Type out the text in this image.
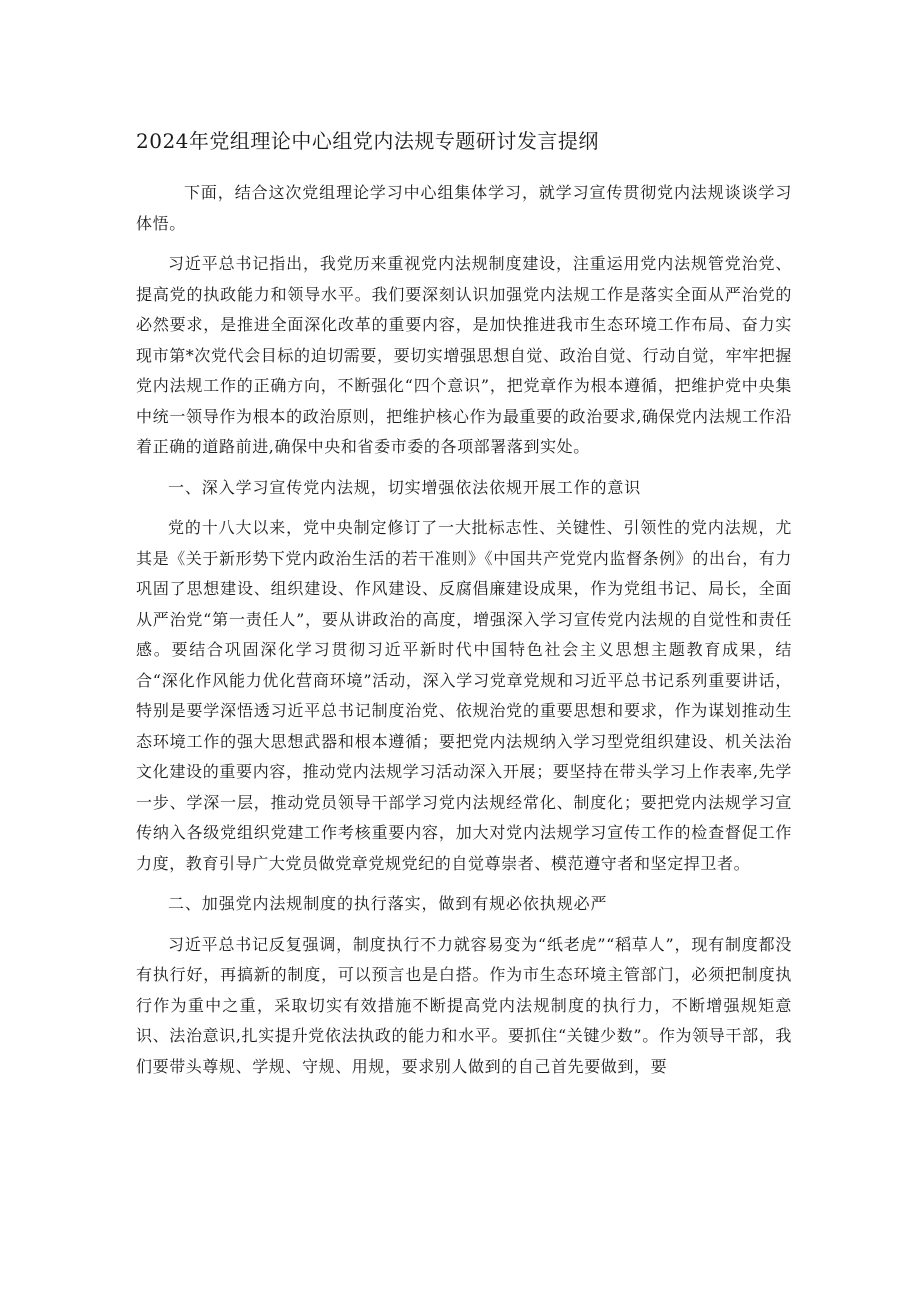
2024年党组理论中心组党内法规专题研讨发言提纲

下面，结合这次党组理论学习中心组集体学习，就学习宣传贯彻党内法规谈谈学习体悟。

习近平总书记指出，我党历来重视党内法规制度建设，注重运用党内法规管党治党、提高党的执政能力和领导水平。我们要深刻认识加强党内法规工作是落实全面从严治党的必然要求，是推进全面深化改革的重要内容，是加快推进我市生态环境工作布局、奋力实现市第*次党代会目标的迫切需要，要切实增强思想自觉、政治自觉、行动自觉，牢牢把握党内法规工作的正确方向，不断强化“四个意识”，把党章作为根本遵循，把维护党中央集中统一领导作为根本的政治原则，把维护核心作为最重要的政治要求,确保党内法规工作沿着正确的道路前进,确保中央和省委市委的各项部署落到实处。

一、深入学习宣传党内法规，切实增强依法依规开展工作的意识

党的十八大以来，党中央制定修订了一大批标志性、关键性、引领性的党内法规，尤其是《关于新形势下党内政治生活的若干准则》《中国共产党党内监督条例》的出台，有力巩固了思想建设、组织建设、作风建设、反腐倡廉建设成果，作为党组书记、局长，全面从严治党“第一责任人”，要从讲政治的高度，增强深入学习宣传党内法规的自觉性和责任感。要结合巩固深化学习贯彻习近平新时代中国特色社会主义思想主题教育成果，结合“深化作风能力优化营商环境”活动，深入学习党章党规和习近平总书记系列重要讲话，特别是要学深悟透习近平总书记制度治党、依规治党的重要思想和要求，作为谋划推动生态环境工作的强大思想武器和根本遵循；要把党内法规纳入学习型党组织建设、机关法治文化建设的重要内容，推动党内法规学习活动深入开展；要坚持在带头学习上作表率,先学一步、学深一层，推动党员领导干部学习党内法规经常化、制度化；要把党内法规学习宣传纳入各级党组织党建工作考核重要内容，加大对党内法规学习宣传工作的检查督促工作力度，教育引导广大党员做党章党规党纪的自觉尊崇者、模范遵守者和坚定捍卫者。

二、加强党内法规制度的执行落实，做到有规必依执规必严

习近平总书记反复强调，制度执行不力就容易变为“纸老虎”“稻草人”，现有制度都没有执行好，再搞新的制度，可以预言也是白搭。作为市生态环境主管部门，必须把制度执行作为重中之重，采取切实有效措施不断提高党内法规制度的执行力，不断增强规矩意识、法治意识,扎实提升党依法执政的能力和水平。要抓住“关键少数”。作为领导干部，我们要带头尊规、学规、守规、用规，要求别人做到的自己首先要做到，要
